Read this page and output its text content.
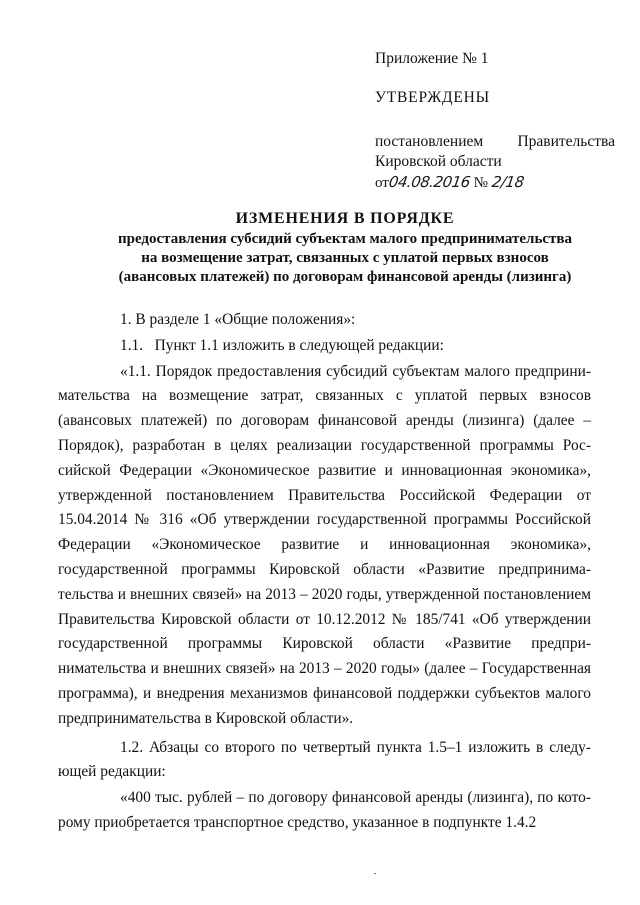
Приложение № 1
УТВЕРЖДЕНЫ
постановлением Правительства
Кировской области
от04.08.2016 № 2/18
ИЗМЕНЕНИЯ В ПОРЯДКЕ
предоставления субсидий субъектам малого предпринимательства
на возмещение затрат, связанных с уплатой первых взносов
(авансовых платежей) по договорам финансовой аренды (лизинга)

1. В разделе 1 «Общие положения»:

1.1.   Пункт 1.1 изложить в следующей редакции:

«1.1. Порядок предоставления субсидий субъектам малого предпринимательства на возмещение затрат, связанных с уплатой первых взносов (авансовых платежей) по договорам финансовой аренды (лизинга) (далее – Порядок), разработан в целях реализации государственной программы Российской Федерации «Экономическое развитие и инновационная экономика», утвержденной постановлением Правительства Российской Федерации от 15.04.2014 № 316 «Об утверждении государственной программы Российской Федерации «Экономическое развитие и инновационная экономика», государственной программы Кировской области «Развитие предпринимательства и внешних связей» на 2013 – 2020 годы, утвержденной постановлением Правительства Кировской области от 10.12.2012 № 185/741 «Об утверждении государственной программы Кировской области «Развитие предпринимательства и внешних связей» на 2013 – 2020 годы» (далее – Государственная программа), и внедрения механизмов финансовой поддержки субъектов малого предпринимательства в Кировской области».

1.2. Абзацы со второго по четвертый пункта 1.5–1 изложить в следующей редакции:

«400 тыс. рублей – по договору финансовой аренды (лизинга), по которому приобретается транспортное средство, указанное в подпункте 1.4.2
